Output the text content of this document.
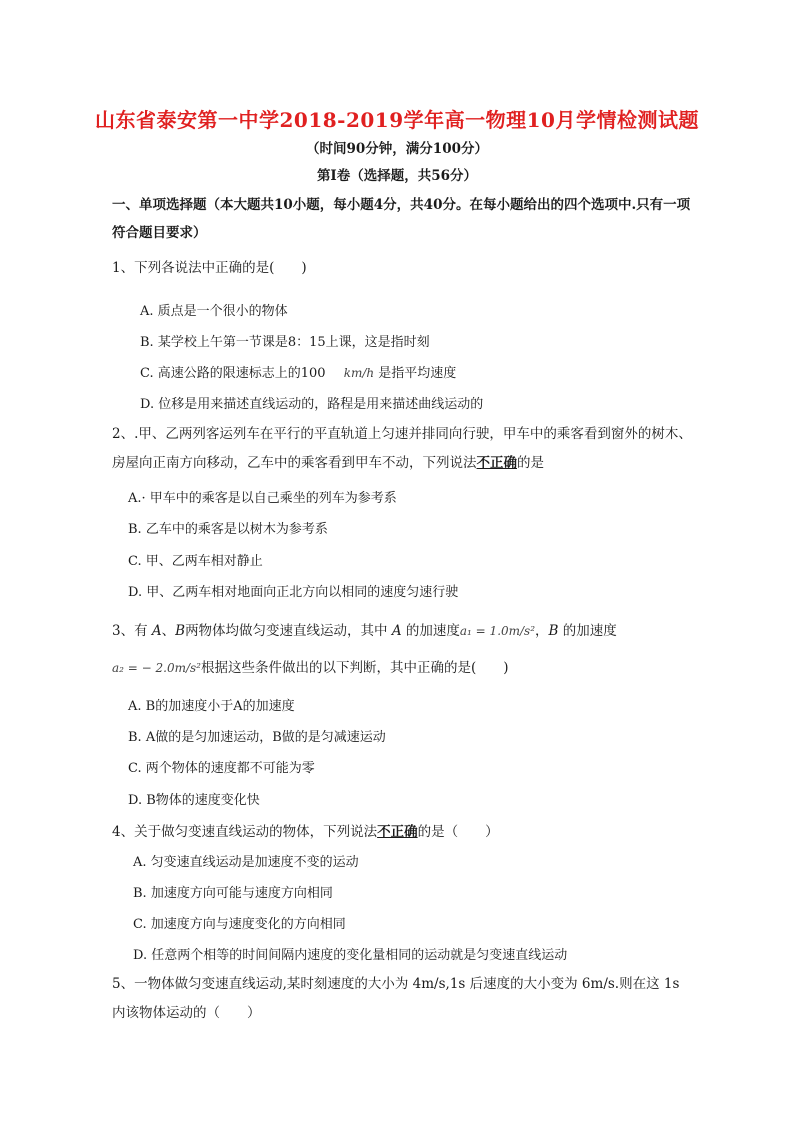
山东省泰安第一中学2018-2019学年高一物理10月学情检测试题
（时间90分钟，满分100分）
第I卷（选择题，共56分）
一、单项选择题（本大题共10小题，每小题4分，共40分。在每小题给出的四个选项中.只有一项符合题目要求）
1、下列各说法中正确的是(　　)
A. 质点是一个很小的物体
B. 某学校上午第一节课是8：15上课，这是指时刻
C. 高速公路的限速标志上的100 km/h 是指平均速度
D. 位移是用来描述直线运动的，路程是用来描述曲线运动的
2、.甲、乙两列客运列车在平行的平直轨道上匀速并排同向行驶，甲车中的乘客看到窗外的树木、房屋向正南方向移动，乙车中的乘客看到甲车不动，下列说法不正确的是
A.· 甲车中的乘客是以自己乘坐的列车为参考系
B. 乙车中的乘客是以树木为参考系
C. 甲、乙两车相对静止
D. 甲、乙两车相对地面向正北方向以相同的速度匀速行驶
3、有 A、B两物体均做匀变速直线运动，其中 A 的加速度a₁ = 1.0m/s²，B 的加速度
a₂ = − 2.0m/s²根据这些条件做出的以下判断，其中正确的是(　　)
A. B的加速度小于A的加速度
B. A做的是匀加速运动，B做的是匀减速运动
C. 两个物体的速度都不可能为零
D. B物体的速度变化快
4、关于做匀变速直线运动的物体，下列说法不正确的是（　　）
A. 匀变速直线运动是加速度不变的运动
B. 加速度方向可能与速度方向相同
C. 加速度方向与速度变化的方向相同
D. 任意两个相等的时间间隔内速度的变化量相同的运动就是匀变速直线运动
5、一物体做匀变速直线运动,某时刻速度的大小为 4m/s,1s 后速度的大小变为 6m/s.则在这 1s 内该物体运动的（　　）
